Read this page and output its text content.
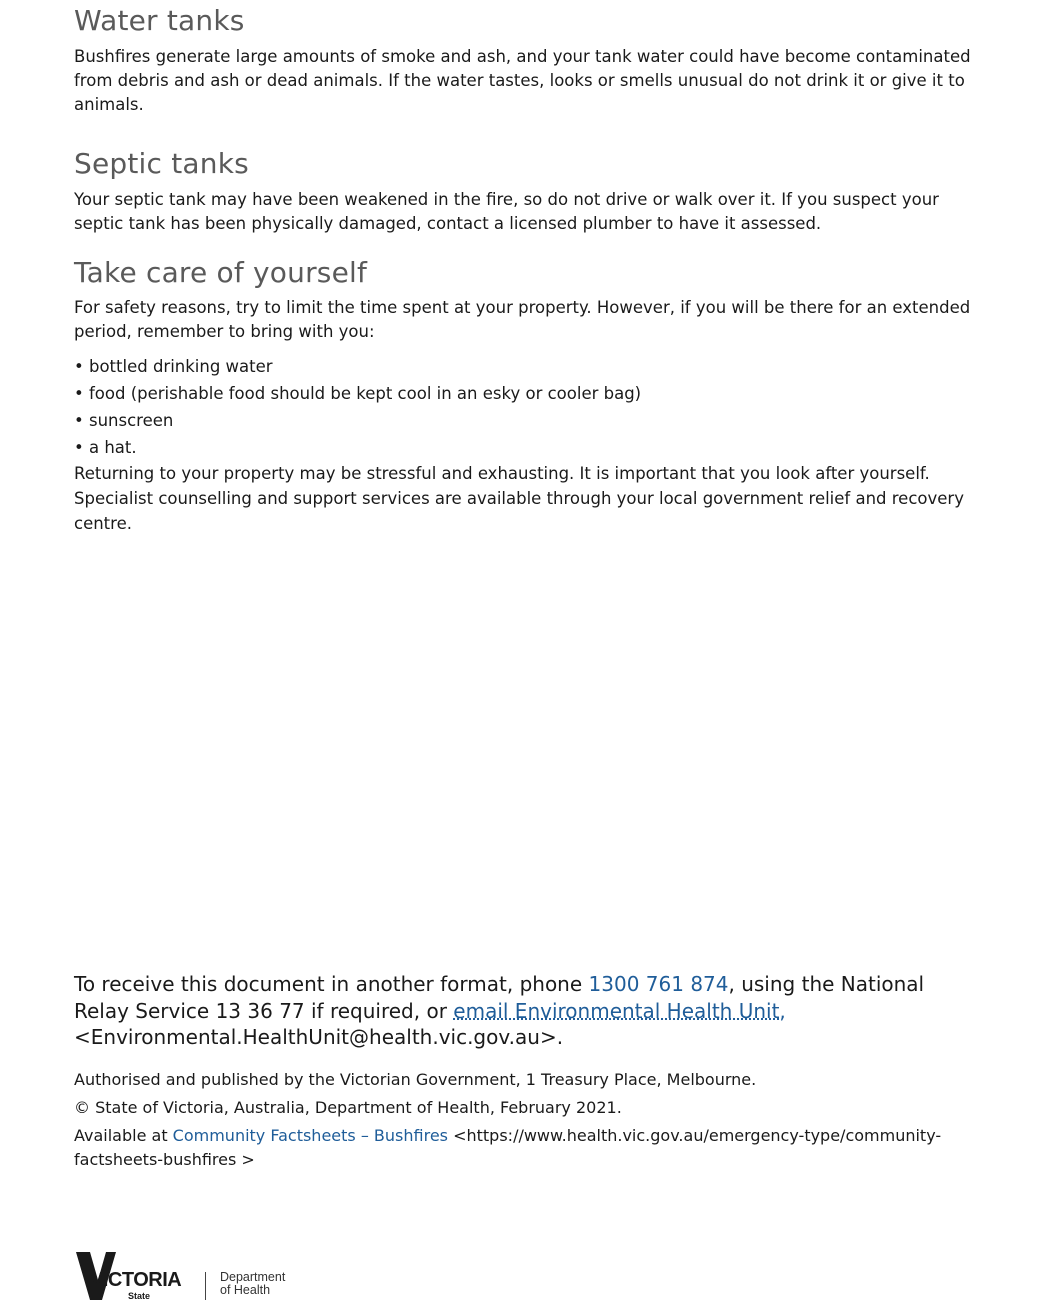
Water tanks

Bushfires generate large amounts of smoke and ash, and your tank water could have become contaminated from debris and ash or dead animals. If the water tastes, looks or smells unusual do not drink it or give it to animals.

Septic tanks

Your septic tank may have been weakened in the fire, so do not drive or walk over it. If you suspect your septic tank has been physically damaged, contact a licensed plumber to have it assessed.

Take care of yourself

For safety reasons, try to limit the time spent at your property. However, if you will be there for an extended period, remember to bring with you:

• bottled drinking water
• food (perishable food should be kept cool in an esky or cooler bag)
• sunscreen
• a hat.

Returning to your property may be stressful and exhausting. It is important that you look after yourself. Specialist counselling and support services are available through your local government relief and recovery centre.

To receive this document in another format, phone 1300 761 874, using the National Relay Service 13 36 77 if required, or email Environmental Health Unit,
<Environmental.HealthUnit@health.vic.gov.au>.

Authorised and published by the Victorian Government, 1 Treasury Place, Melbourne.

© State of Victoria, Australia, Department of Health, February 2021.

Available at Community Factsheets – Bushfires <https://www.health.vic.gov.au/emergency-type/community-factsheets-bushfires >

VICTORIA
State
Department
of Health
